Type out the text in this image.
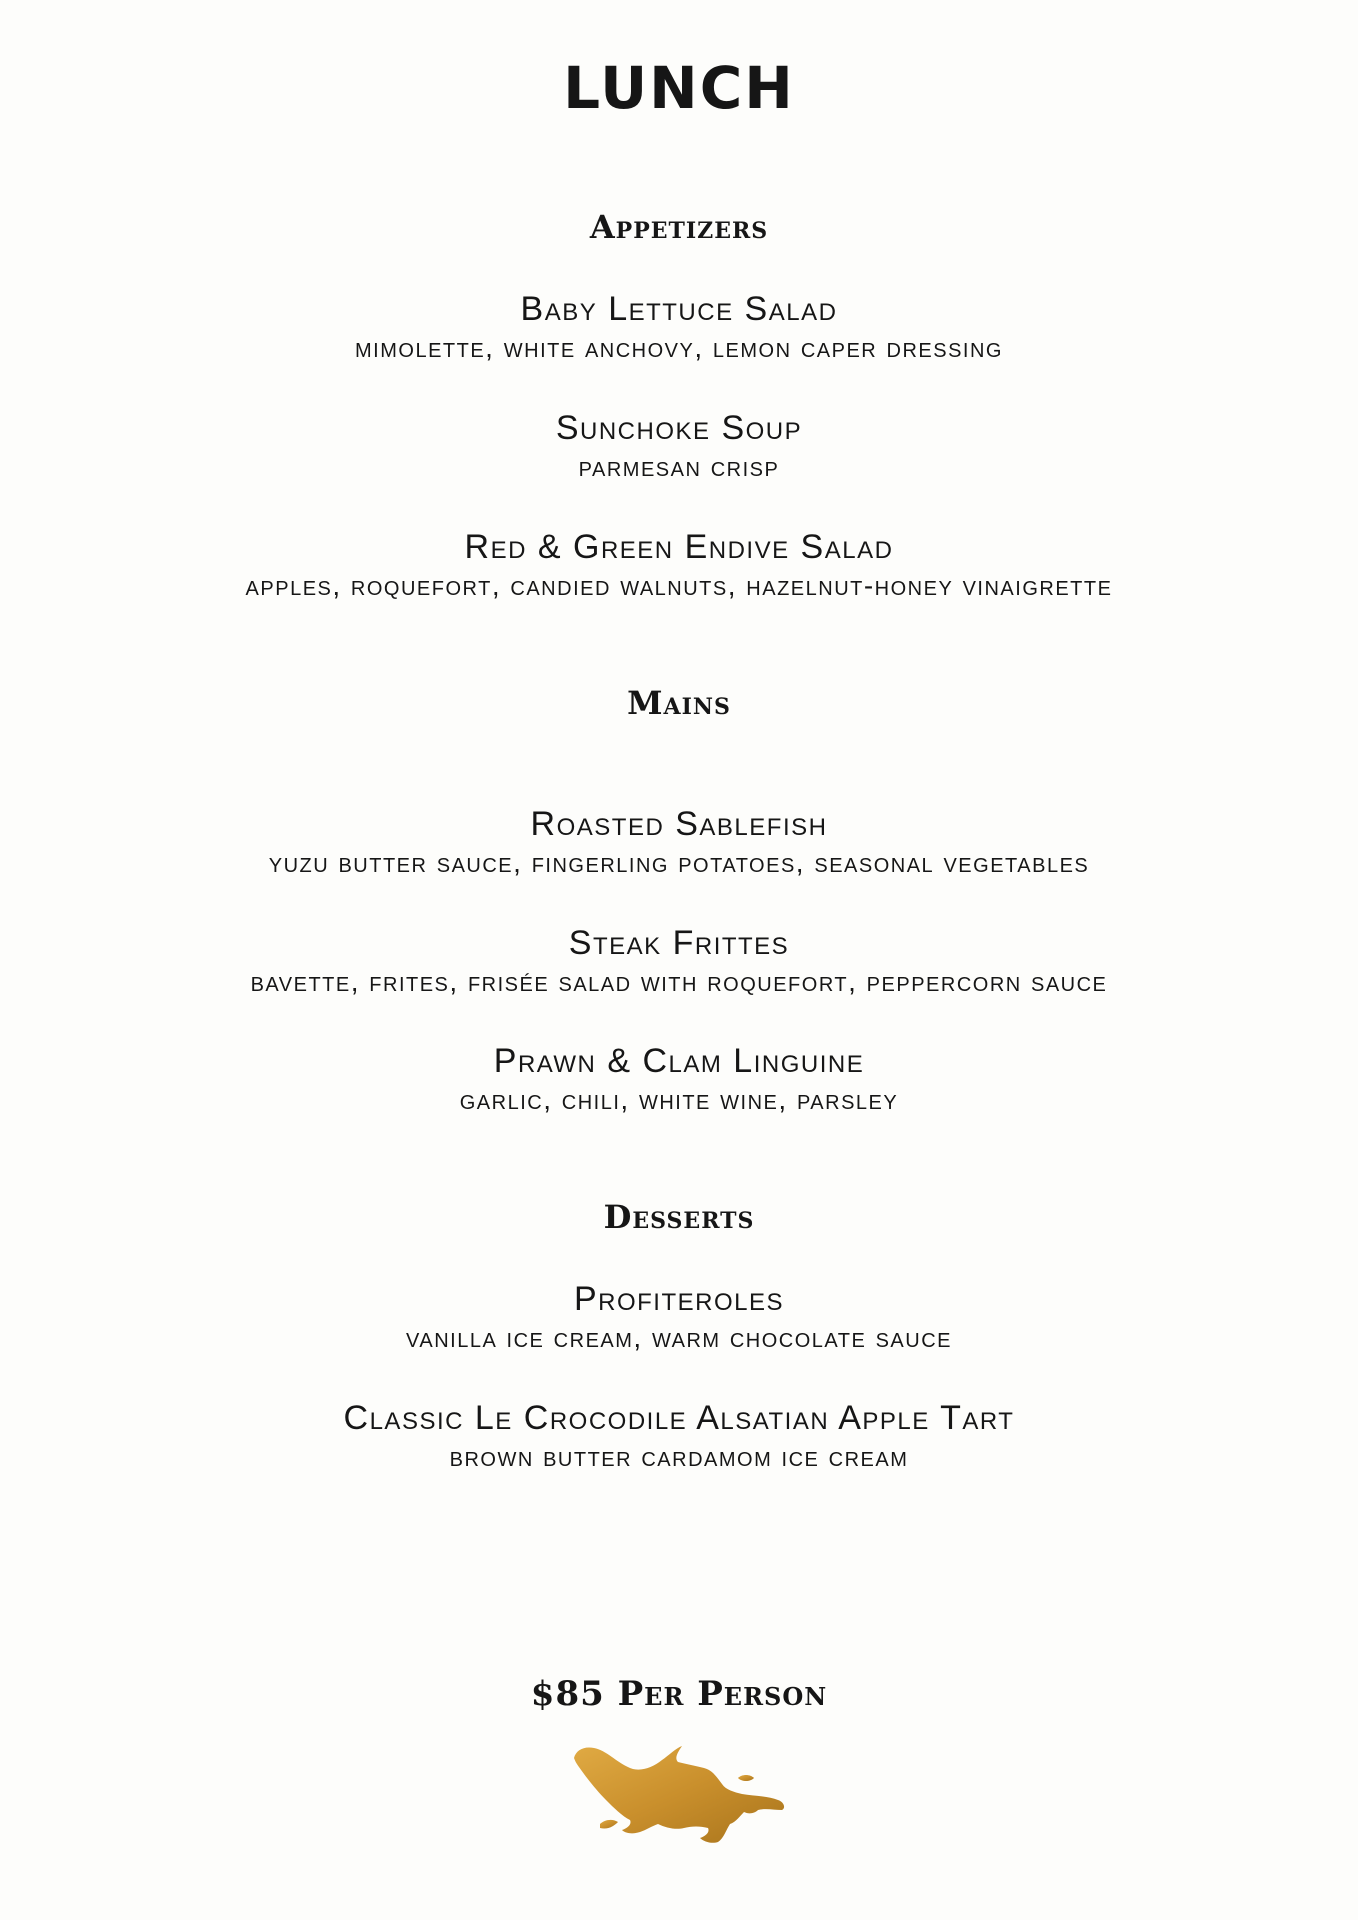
LUNCH
Appetizers
Baby Lettuce Salad
mimolette, white anchovy, lemon caper dressing
Sunchoke Soup
parmesan crisp
Red & Green Endive Salad
apples, roquefort, candied walnuts, hazelnut-honey vinaigrette
Mains
Roasted Sablefish
yuzu butter sauce, fingerling potatoes, seasonal vegetables
Steak Frittes
bavette, frites, frisée salad with roquefort, peppercorn sauce
Prawn & Clam Linguine
garlic, chili, white wine, parsley
Desserts
Profiteroles
vanilla ice cream, warm chocolate sauce
Classic Le Crocodile Alsatian Apple Tart
brown butter cardamom ice cream
$85 Per Person
